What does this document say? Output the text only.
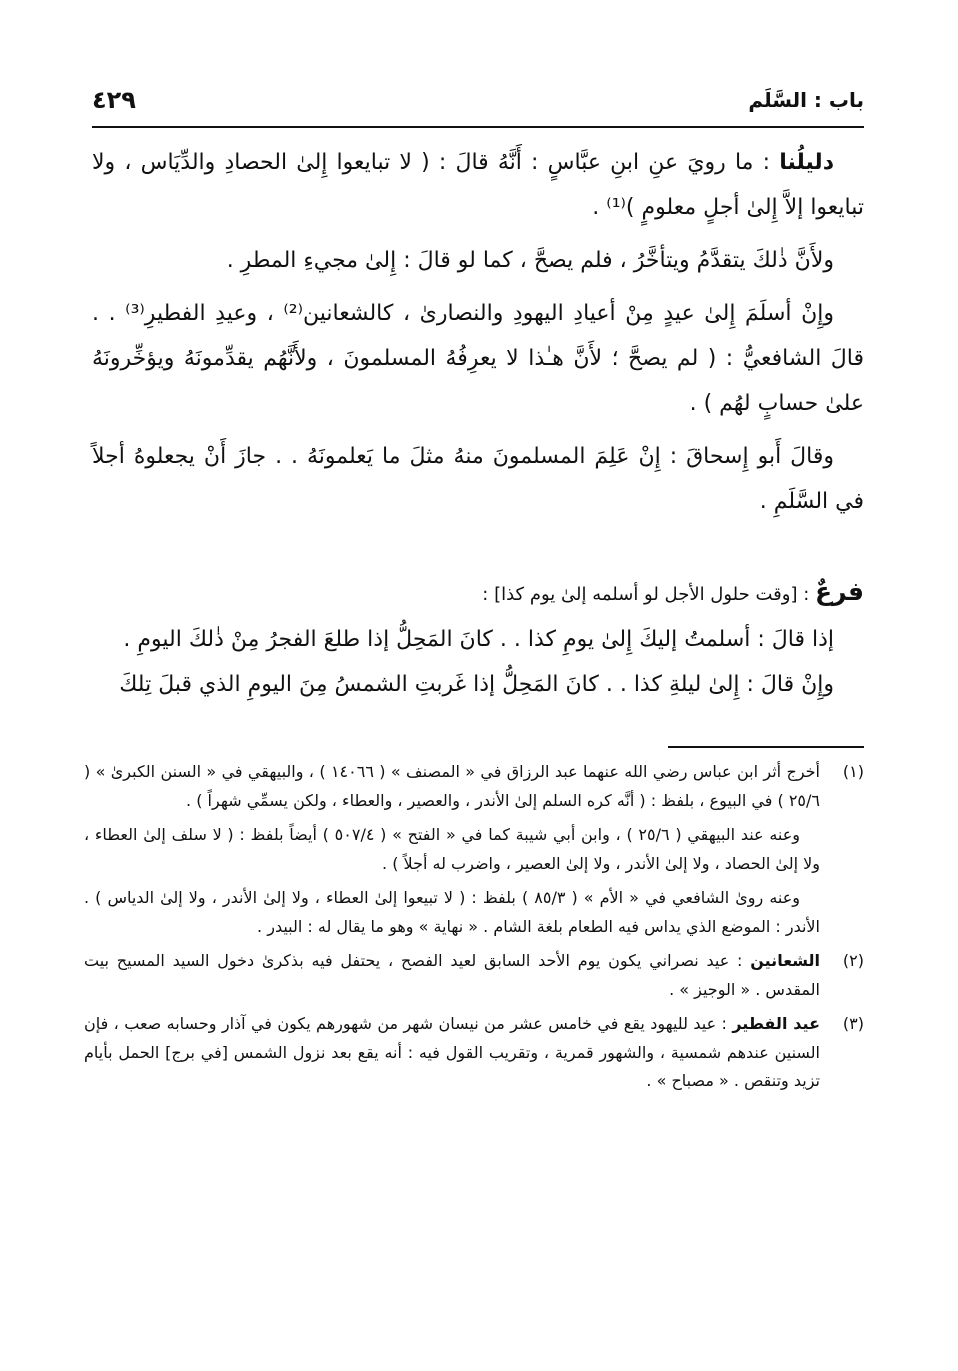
باب : السَّلَم
٤٢٩

دليلُنا : ما رويَ عنِ ابنِ عبَّاسٍ : أَنَّهُ قالَ : ( لا تبايعوا إِلىٰ الحصادِ والدِّيَاس ، ولا تبايعوا إلاَّ إِلىٰ أجلٍ معلومٍ )⁽¹⁾ .

ولأَنَّ ذٰلكَ يتقدَّمُ ويتأخَّرُ ، فلم يصحَّ ، كما لو قالَ : إِلىٰ مجيءِ المطرِ .

وإِنْ أسلَمَ إِلىٰ عيدٍ مِنْ أعيادِ اليهودِ والنصارىٰ ، كالشعانين⁽²⁾ ، وعيدِ الفطيرِ⁽³⁾ . . قالَ الشافعيُّ : ( لم يصحَّ ؛ لأَنَّ هـٰذا لا يعرِفُهُ المسلمونَ ، ولأَنَّهُم يقدِّمونَهُ ويؤخِّرونَهُ علىٰ حسابٍ لهُم ) .

وقالَ أَبو إِسحاقَ : إِنْ عَلِمَ المسلمونَ منهُ مثلَ ما يَعلمونَهُ . . جازَ أَنْ يجعلوهُ أجلاً في السَّلَمِ .

فرعٌ : [وقت حلول الأجل لو أسلمه إلىٰ يوم كذا] :

إذا قالَ : أسلمتُ إليكَ إِلىٰ يومِ كذا . . كانَ المَحِلُّ إذا طلعَ الفجرُ مِنْ ذٰلكَ اليومِ .

وإِنْ قالَ : إِلىٰ ليلةِ كذا . . كانَ المَحِلُّ إذا غَربتِ الشمسُ مِنَ اليومِ الذي قبلَ تِلكَ

(١)

أخرج أثر ابن عباس رضي الله عنهما عبد الرزاق في « المصنف » ( ١٤٠٦٦ ) ، والبيهقي في « السنن الكبرىٰ » ( ٢٥/٦ ) في البيوع ، بلفظ : ( أنَّه كره السلم إلىٰ الأندر ، والعصير ، والعطاء ، ولكن يسمِّي شهراً ) .

وعنه عند البيهقي ( ٢٥/٦ ) ، وابن أبي شيبة كما في « الفتح » ( ٥٠٧/٤ ) أيضاً بلفظ : ( لا سلف إلىٰ العطاء ، ولا إلىٰ الحصاد ، ولا إلىٰ الأندر ، ولا إلىٰ العصير ، واضرب له أجلاً ) .

وعنه روىٰ الشافعي في « الأم » ( ٨٥/٣ ) بلفظ : ( لا تبيعوا إلىٰ العطاء ، ولا إلىٰ الأندر ، ولا إلىٰ الدياس ) . الأندر : الموضع الذي يداس فيه الطعام بلغة الشام . « نهاية » وهو ما يقال له : البيدر .

(٢)

الشعانين : عيد نصراني يكون يوم الأحد السابق لعيد الفصح ، يحتفل فيه بذكرىٰ دخول السيد المسيح بيت المقدس . « الوجيز » .

(٣)

عيد الفطير : عيد لليهود يقع في خامس عشر من نيسان شهر من شهورهم يكون في آذار وحسابه صعب ، فإن السنين عندهم شمسية ، والشهور قمرية ، وتقريب القول فيه : أنه يقع بعد نزول الشمس [في برج] الحمل بأيام تزيد وتنقص . « مصباح » .
